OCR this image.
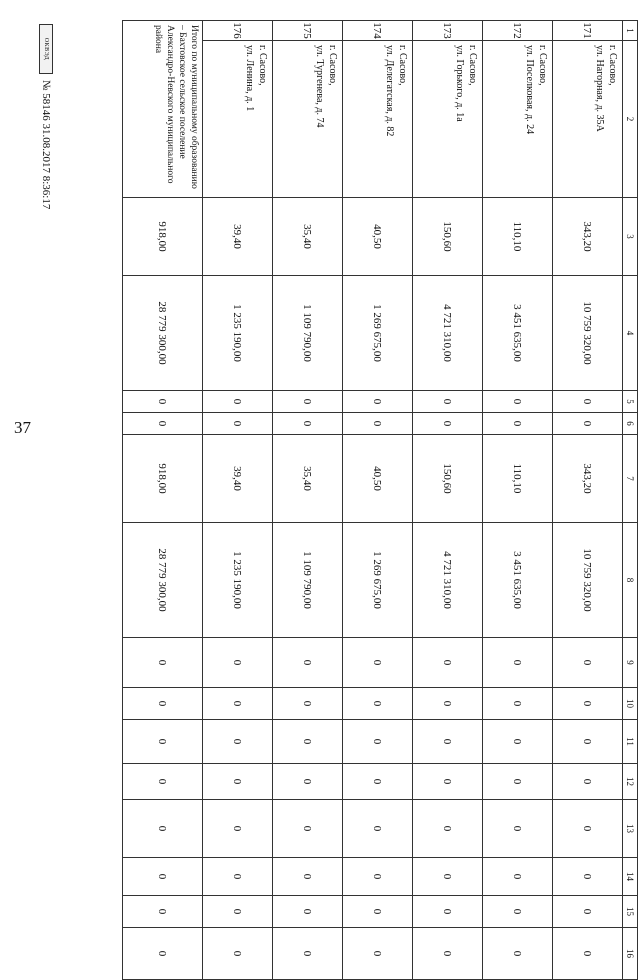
37
1	2	3	4	5	6	7	8	9	10	11	12	13	14	15	16
171	г. Сасово,
ул. Нагорная, д. 35А	343,20	10 759 320,00	0	0	343,20	10 759 320,00	0	0	0	0	0	0	0	0
172	г. Сасово,
ул. Поселковая, д. 24	110,10	3 451 635,00	0	0	110,10	3 451 635,00	0	0	0	0	0	0	0	0
173	г. Сасово,
ул. Горького, д. 1а	150,60	4 721 310,00	0	0	150,60	4 721 310,00	0	0	0	0	0	0	0	0
174	г. Сасово,
ул. Делегатская, д. 82	40,50	1 269 675,00	0	0	40,50	1 269 675,00	0	0	0	0	0	0	0	0
175	г. Сасово,
ул. Тургенева, д. 74	35,40	1 109 790,00	0	0	35,40	1 109 790,00	0	0	0	0	0	0	0	0
176	г. Сасово,
ул. Ленина, д. 1	39,40	1 235 190,00	0	0	39,40	1 235 190,00	0	0	0	0	0	0	0	0
Итого по муниципальному образованию – Бахтовское сельское поселение Александро-Невского муниципального района		918,00	28 779 300,00	0	0	918,00	28 779 300,00	0	0	0	0	0	0	0	0
ОКВЭД
№ 58146 31.08.2017 8:36:17
